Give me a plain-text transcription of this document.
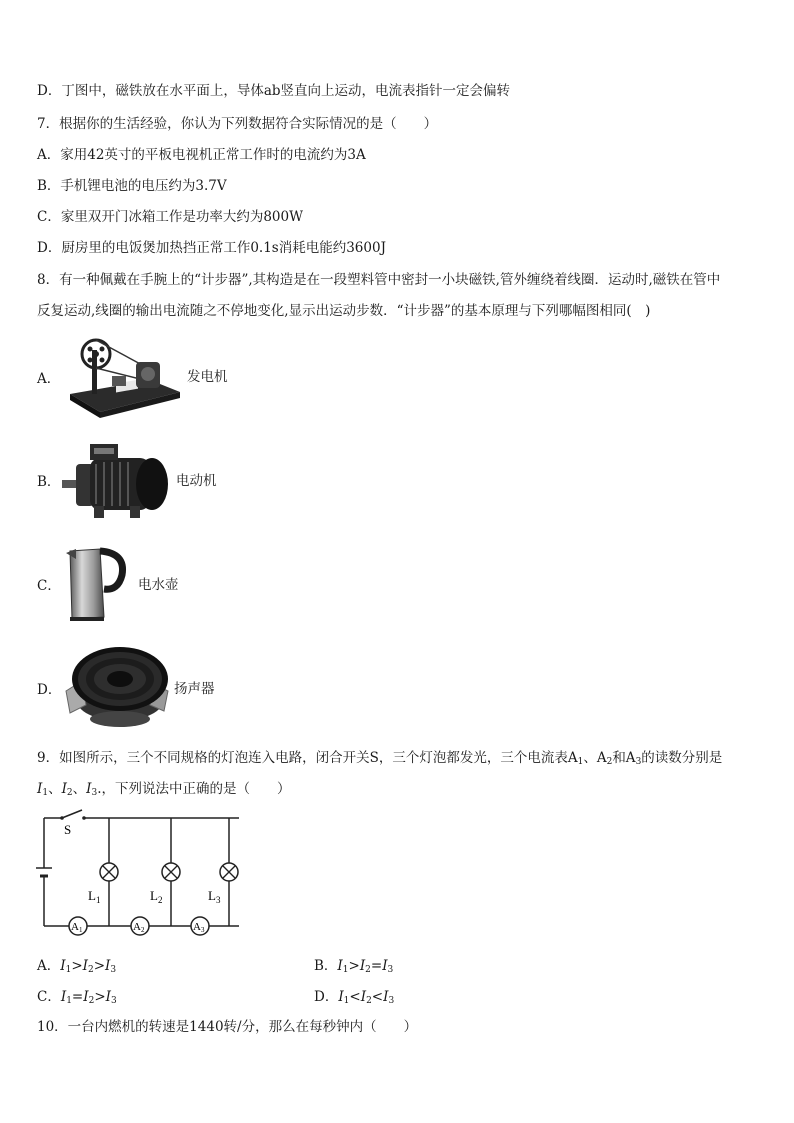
D．丁图中，磁铁放在水平面上，导体ab竖直向上运动，电流表指针一定会偏转
7．根据你的生活经验，你认为下列数据符合实际情况的是（　　）
A．家用42英寸的平板电视机正常工作时的电流约为3A
B．手机锂电池的电压约为3.7V
C．家里双开门冰箱工作是功率大约为800W
D．厨房里的电饭煲加热挡正常工作0.1s消耗电能约3600J
8．有一种佩戴在手腕上的“计步器”,其构造是在一段塑料管中密封一小块磁铁,管外缠绕着线圈．运动时,磁铁在管中
反复运动,线圈的输出电流随之不停地变化,显示出运动步数．“计步器”的基本原理与下列哪幅图相同(　)
A．	发电机
B．	电动机
C．	电水壶
D．	扬声器
9．如图所示，三个不同规格的灯泡连入电路，闭合开关S，三个灯泡都发光，三个电流表$A_1$、$A_2$和$A_3$的读数分别是
$I_1$、$I_2$、$I_3$.，下列说法中正确的是（　　）
S
$L_1$	$L_2$	$L_3$
A1	A2	A3
A．$I_1>I_2>I_3$	B．$I_1>I_2=I_3$
C．$I_1=I_2>I_3$	D．$I_1<I_2<I_3$
10．一台内燃机的转速是1440转/分，那么在每秒钟内（　　）
